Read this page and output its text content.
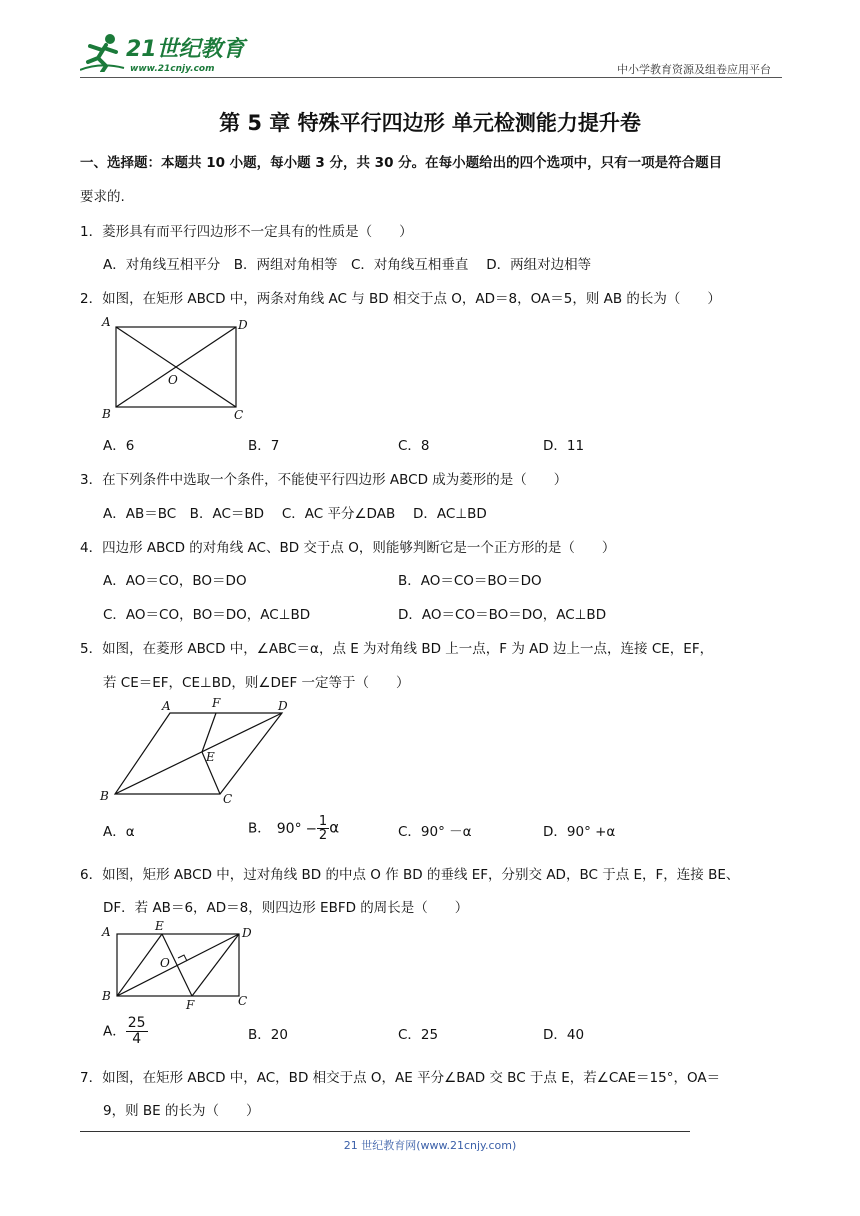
21世纪教育
www.21cnjy.com	中小学教育资源及组卷应用平台
第 5 章 特殊平行四边形 单元检测能力提升卷
一、选择题：本题共 10 小题，每小题 3 分，共 30 分。在每小题给出的四个选项中，只有一项是符合题目
要求的.
1．菱形具有而平行四边形不一定具有的性质是（　　）
A．对角线互相平分　B．两组对角相等　C．对角线互相垂直　 D．两组对边相等
2．如图，在矩形 ABCD 中，两条对角线 AC 与 BD 相交于点 O，AD＝8，OA＝5，则 AB 的长为（　　）
A	D
B	C
O
A．6	B．7	C．8	D．11
3．在下列条件中选取一个条件，不能使平行四边形 ABCD 成为菱形的是（　　）
A．AB＝BC　B．AC＝BD　 C．AC 平分∠DAB　 D．AC⊥BD
4．四边形 ABCD 的对角线 AC、BD 交于点 O，则能够判断它是一个正方形的是（　　）
A．AO＝CO，BO＝DO	B．AO＝CO＝BO＝DO
C．AO＝CO，BO＝DO，AC⊥BD	D．AO＝CO＝BO＝DO，AC⊥BD
5．如图，在菱形 ABCD 中，∠ABC＝α，点 E 为对角线 BD 上一点，F 为 AD 边上一点，连接 CE，EF，
若 CE＝EF，CE⊥BD，则∠DEF 一定等于（　　）
A	F	D
E
B	C
A．α	B． $90^\circ - \frac{1}{2}$ α	C．90° －α	D．90° +α
6．如图，矩形 ABCD 中，过对角线 BD 的中点 O 作 BD 的垂线 EF，分别交 AD，BC 于点 E，F，连接 BE、
DF．若 AB＝6，AD＝8，则四边形 EBFD 的周长是（　　）
A	E	D
O
B
F	C
A． $\frac{25}{4}$	B．20	C．25	D．40
7．如图，在矩形 ABCD 中，AC，BD 相交于点 O，AE 平分∠BAD 交 BC 于点 E，若∠CAE＝15°，OA＝
9，则 BE 的长为（　　）
21 世纪教育网(www.21cnjy.com)
